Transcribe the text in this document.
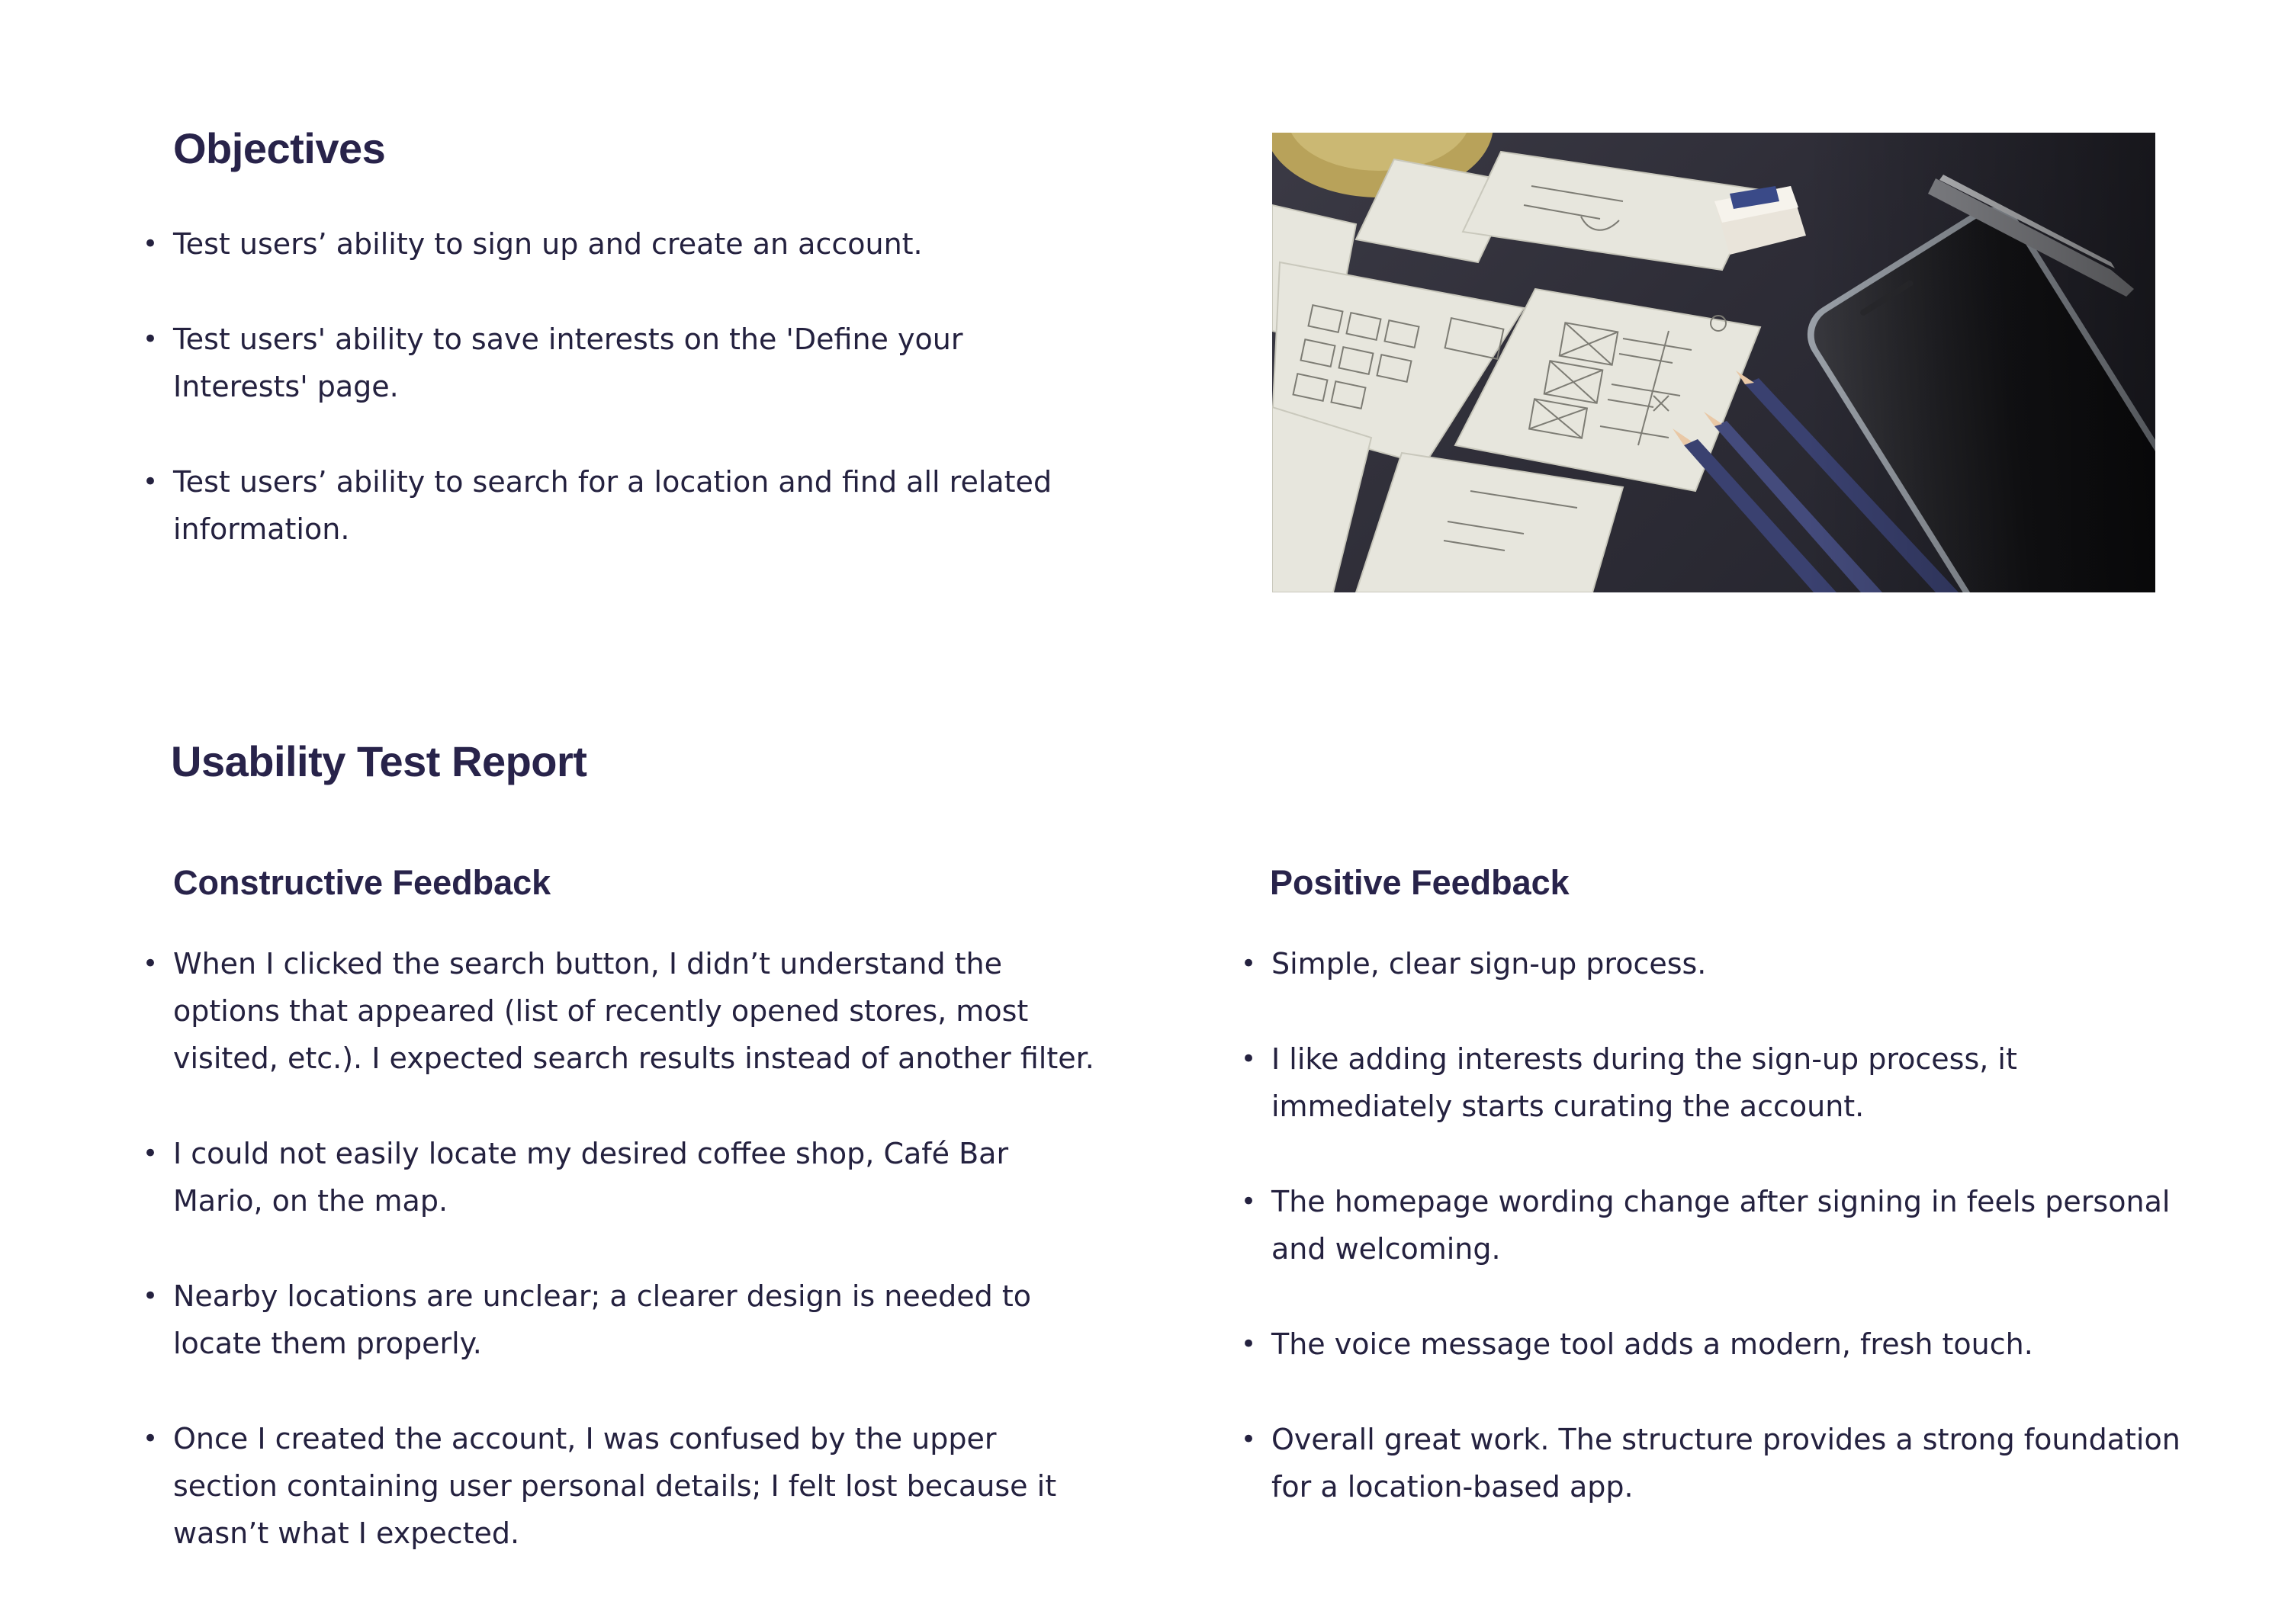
Objectives
• Test users’ ability to sign up and create an account.
• Test users' ability to save interests on the 'Define your Interests' page.
• Test users’ ability to search for a location and find all related information.
Usability Test Report
Constructive Feedback
• When I clicked the search button, I didn’t understand the options that appeared (list of recently opened stores, most visited, etc.). I expected search results instead of another filter.
• I could not easily locate my desired coffee shop, Café Bar Mario, on the map.
• Nearby locations are unclear; a clearer design is needed to locate them properly.
• Once I created the account, I was confused by the upper section containing user personal details; I felt lost because it wasn’t what I expected.
Positive Feedback
• Simple, clear sign-up process.
• I like adding interests during the sign-up process, it immediately starts curating the account.
• The homepage wording change after signing in feels personal and welcoming.
• The voice message tool adds a modern, fresh touch.
• Overall great work. The structure provides a strong foundation for a location-based app.
